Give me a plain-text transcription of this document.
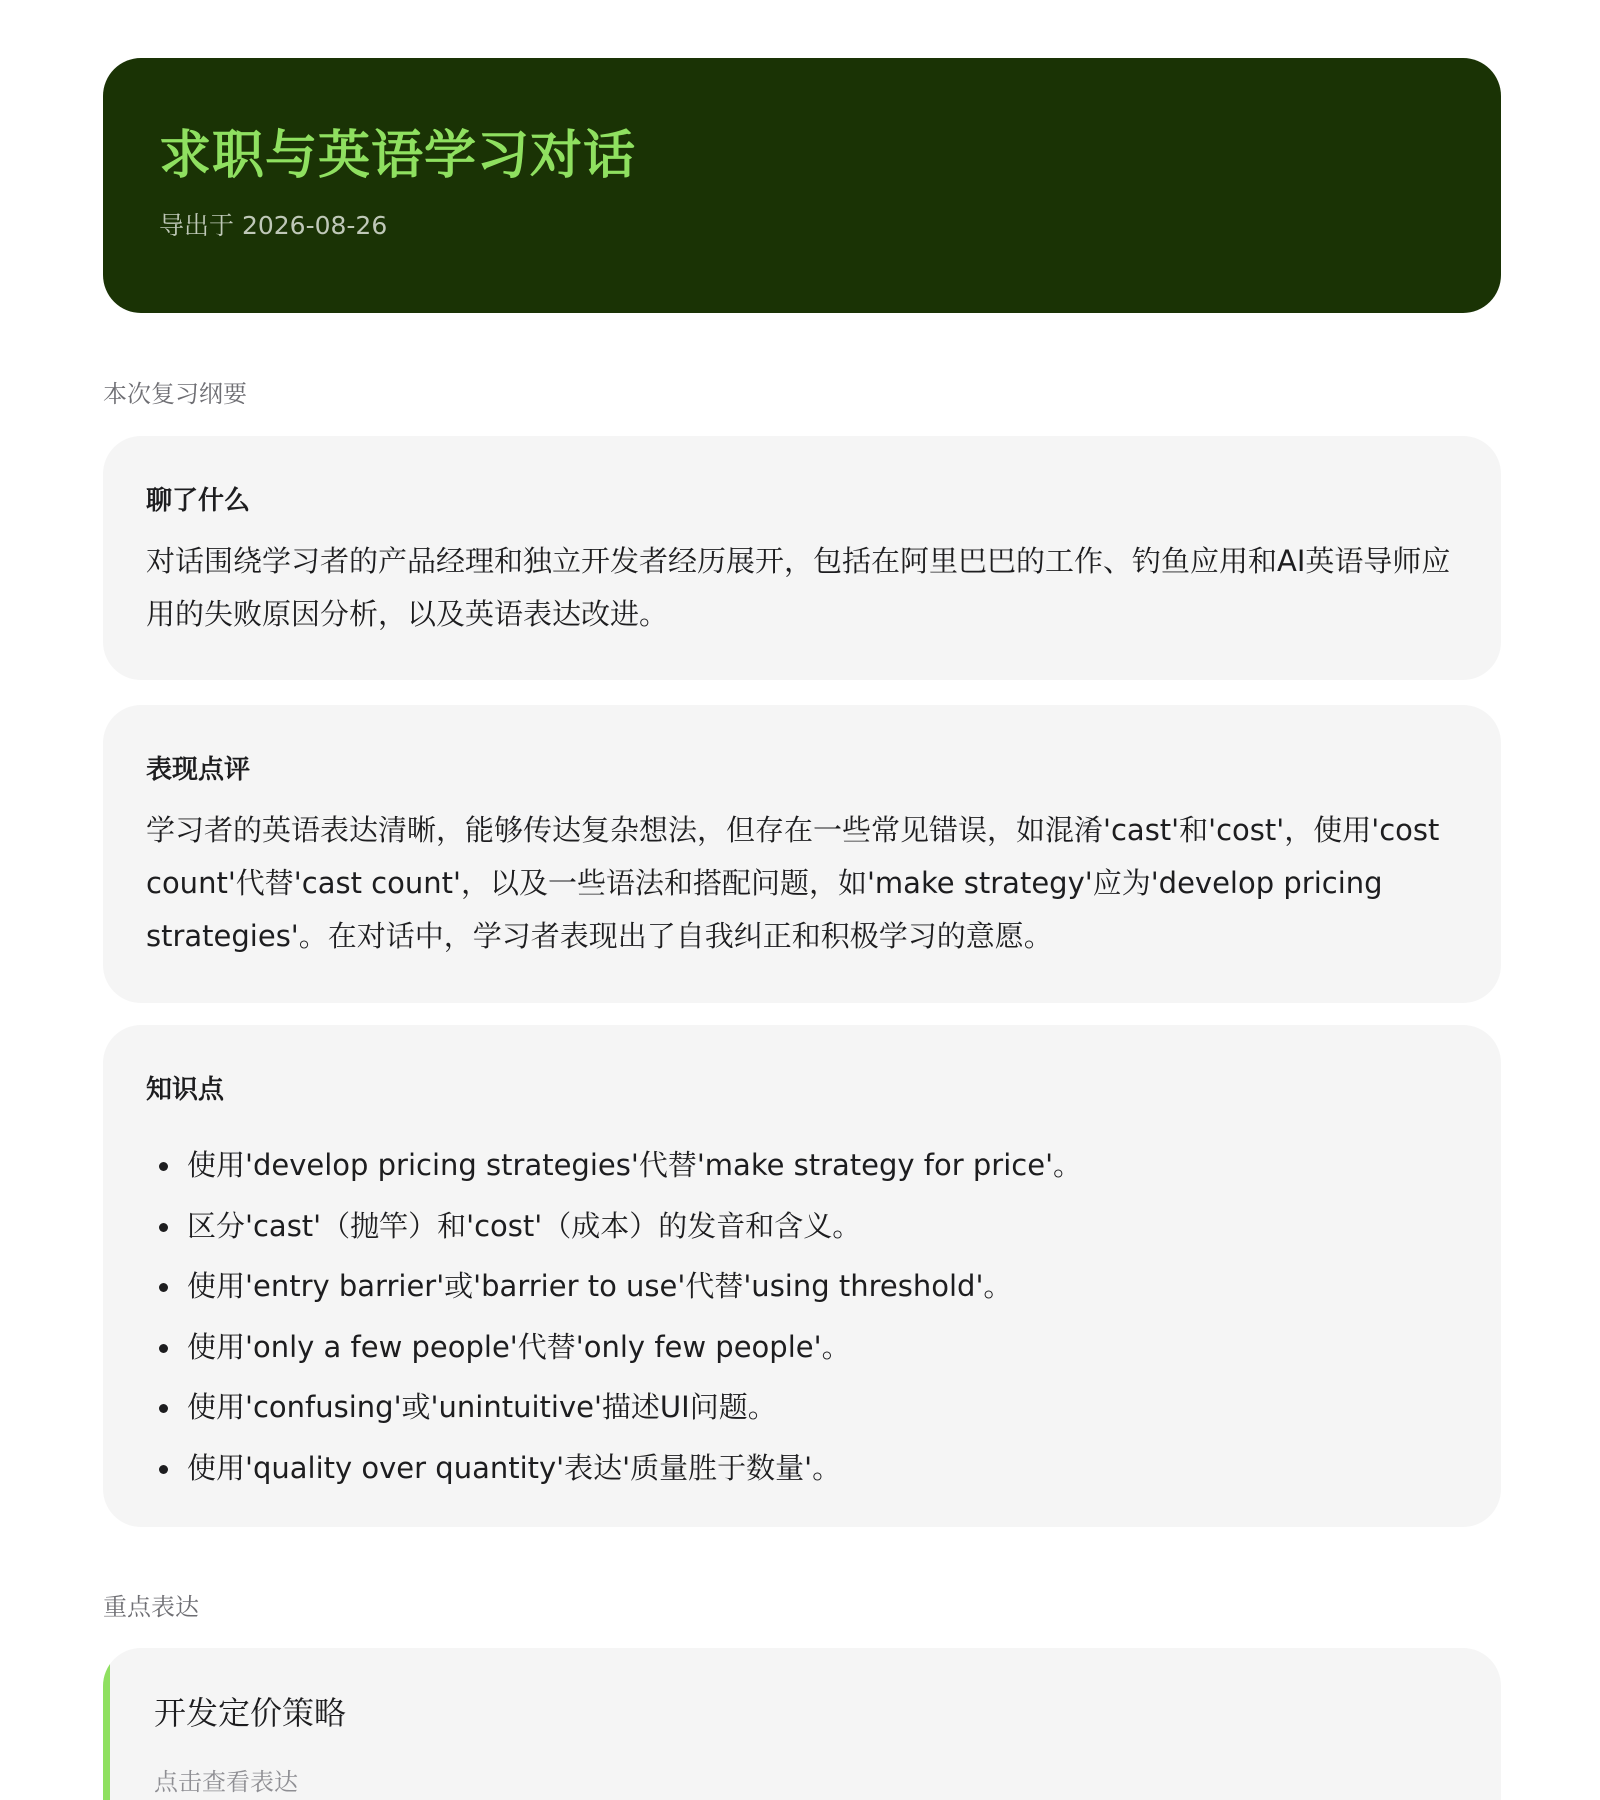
求职与英语学习对话
导出于 2026-08-26
本次复习纲要
聊了什么

对话围绕学习者的产品经理和独立开发者经历展开，包括在阿里巴巴的工作、钓鱼应用和AI英语导师应用的失败原因分析，以及英语表达改进。

表现点评

学习者的英语表达清晰，能够传达复杂想法，但存在一些常见错误，如混淆'cast'和'cost'，使用'cost count'代替'cast count'，以及一些语法和搭配问题，如'make strategy'应为'develop pricing strategies'。在对话中，学习者表现出了自我纠正和积极学习的意愿。

知识点
使用'develop pricing strategies'代替'make strategy for price'。
区分'cast'（抛竿）和'cost'（成本）的发音和含义。
使用'entry barrier'或'barrier to use'代替'using threshold'。
使用'only a few people'代替'only few people'。
使用'confusing'或'unintuitive'描述UI问题。
使用'quality over quantity'表达'质量胜于数量'。
重点表达
开发定价策略
点击查看表达
